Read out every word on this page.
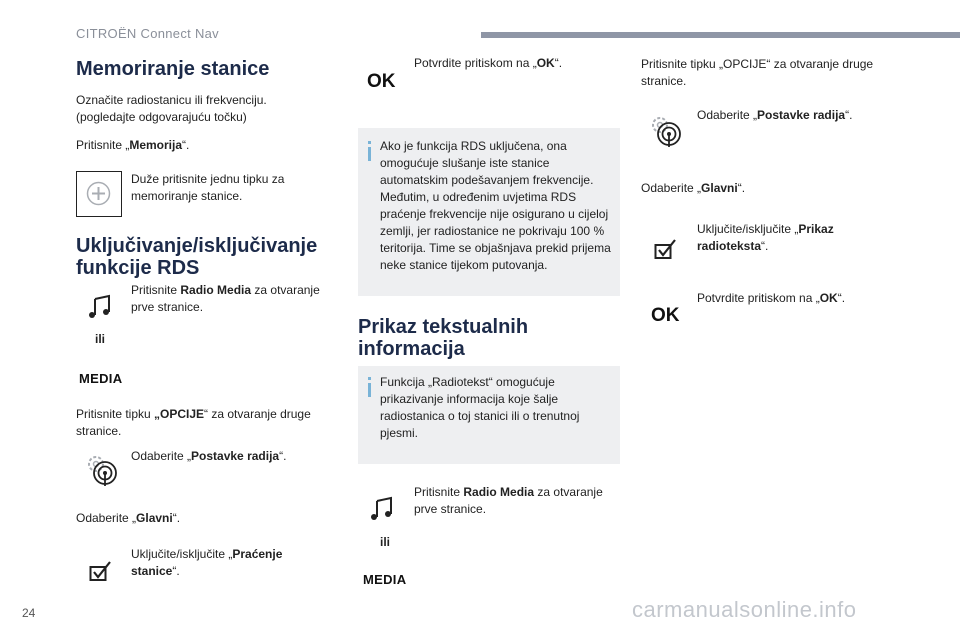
CITROËN Connect Nav
Memoriranje stanice
Označite radiostanicu ili frekvenciju. (pogledajte odgovarajuću točku)
Pritisnite „Memorija“.
Duže pritisnite jednu tipku za memoriranje stanice.
Uključivanje/isključivanje funkcije RDS
Pritisnite Radio Media za otvaranje prve stranice.
ili
MEDIA
Pritisnite tipku „OPCIJE“ za otvaranje druge stranice.
Odaberite „Postavke radija“.
Odaberite „Glavni“.
Uključite/isključite „Praćenje stanice“.
OK
Potvrdite pritiskom na „OK“.
Ako je funkcija RDS uključena, ona omogućuje slušanje iste stanice automatskim podešavanjem frekvencije. Međutim, u određenim uvjetima RDS praćenje frekvencije nije osigurano u cijeloj zemlji, jer radiostanice ne pokrivaju 100 % teritorija. Time se objašnjava prekid prijema neke stanice tijekom putovanja.
Prikaz tekstualnih informacija
Funkcija „Radiotekst“ omogućuje prikazivanje informacija koje šalje radiostanica o toj stanici ili o trenutnoj pjesmi.
Pritisnite Radio Media za otvaranje prve stranice.
ili
MEDIA
Pritisnite tipku „OPCIJE“ za otvaranje druge stranice.
Odaberite „Postavke radija“.
Odaberite „Glavni“.
Uključite/isključite „Prikaz radioteksta“.
OK
Potvrdite pritiskom na „OK“.
24	carmanualsonline.info
